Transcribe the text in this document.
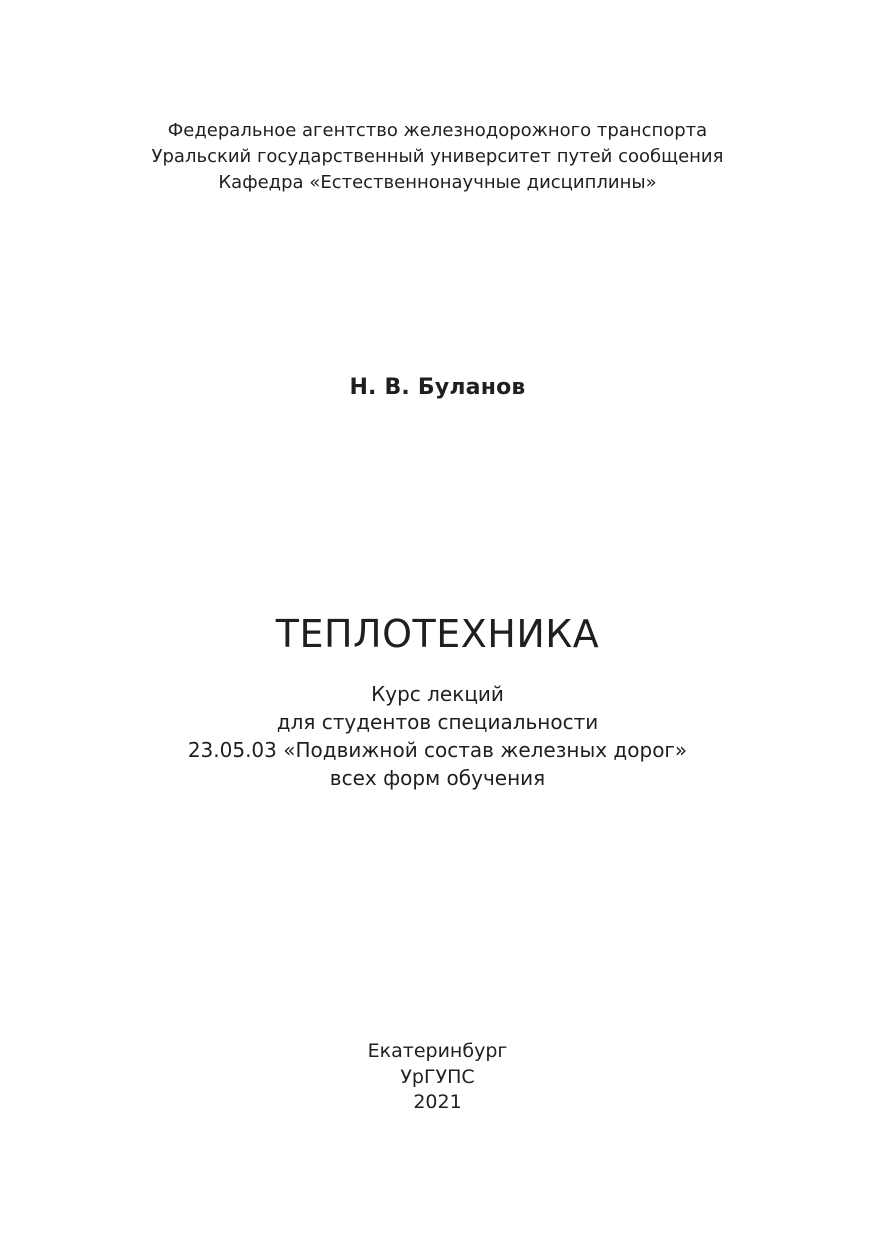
Федеральное агентство железнодорожного транспорта
Уральский государственный университет путей сообщения
Кафедра «Естественнонаучные дисциплины»
Н. В. Буланов
ТЕПЛОТЕХНИКА
Курс лекций
для студентов специальности
23.05.03 «Подвижной состав железных дорог»
всех форм обучения
Екатеринбург
УрГУПС
2021
